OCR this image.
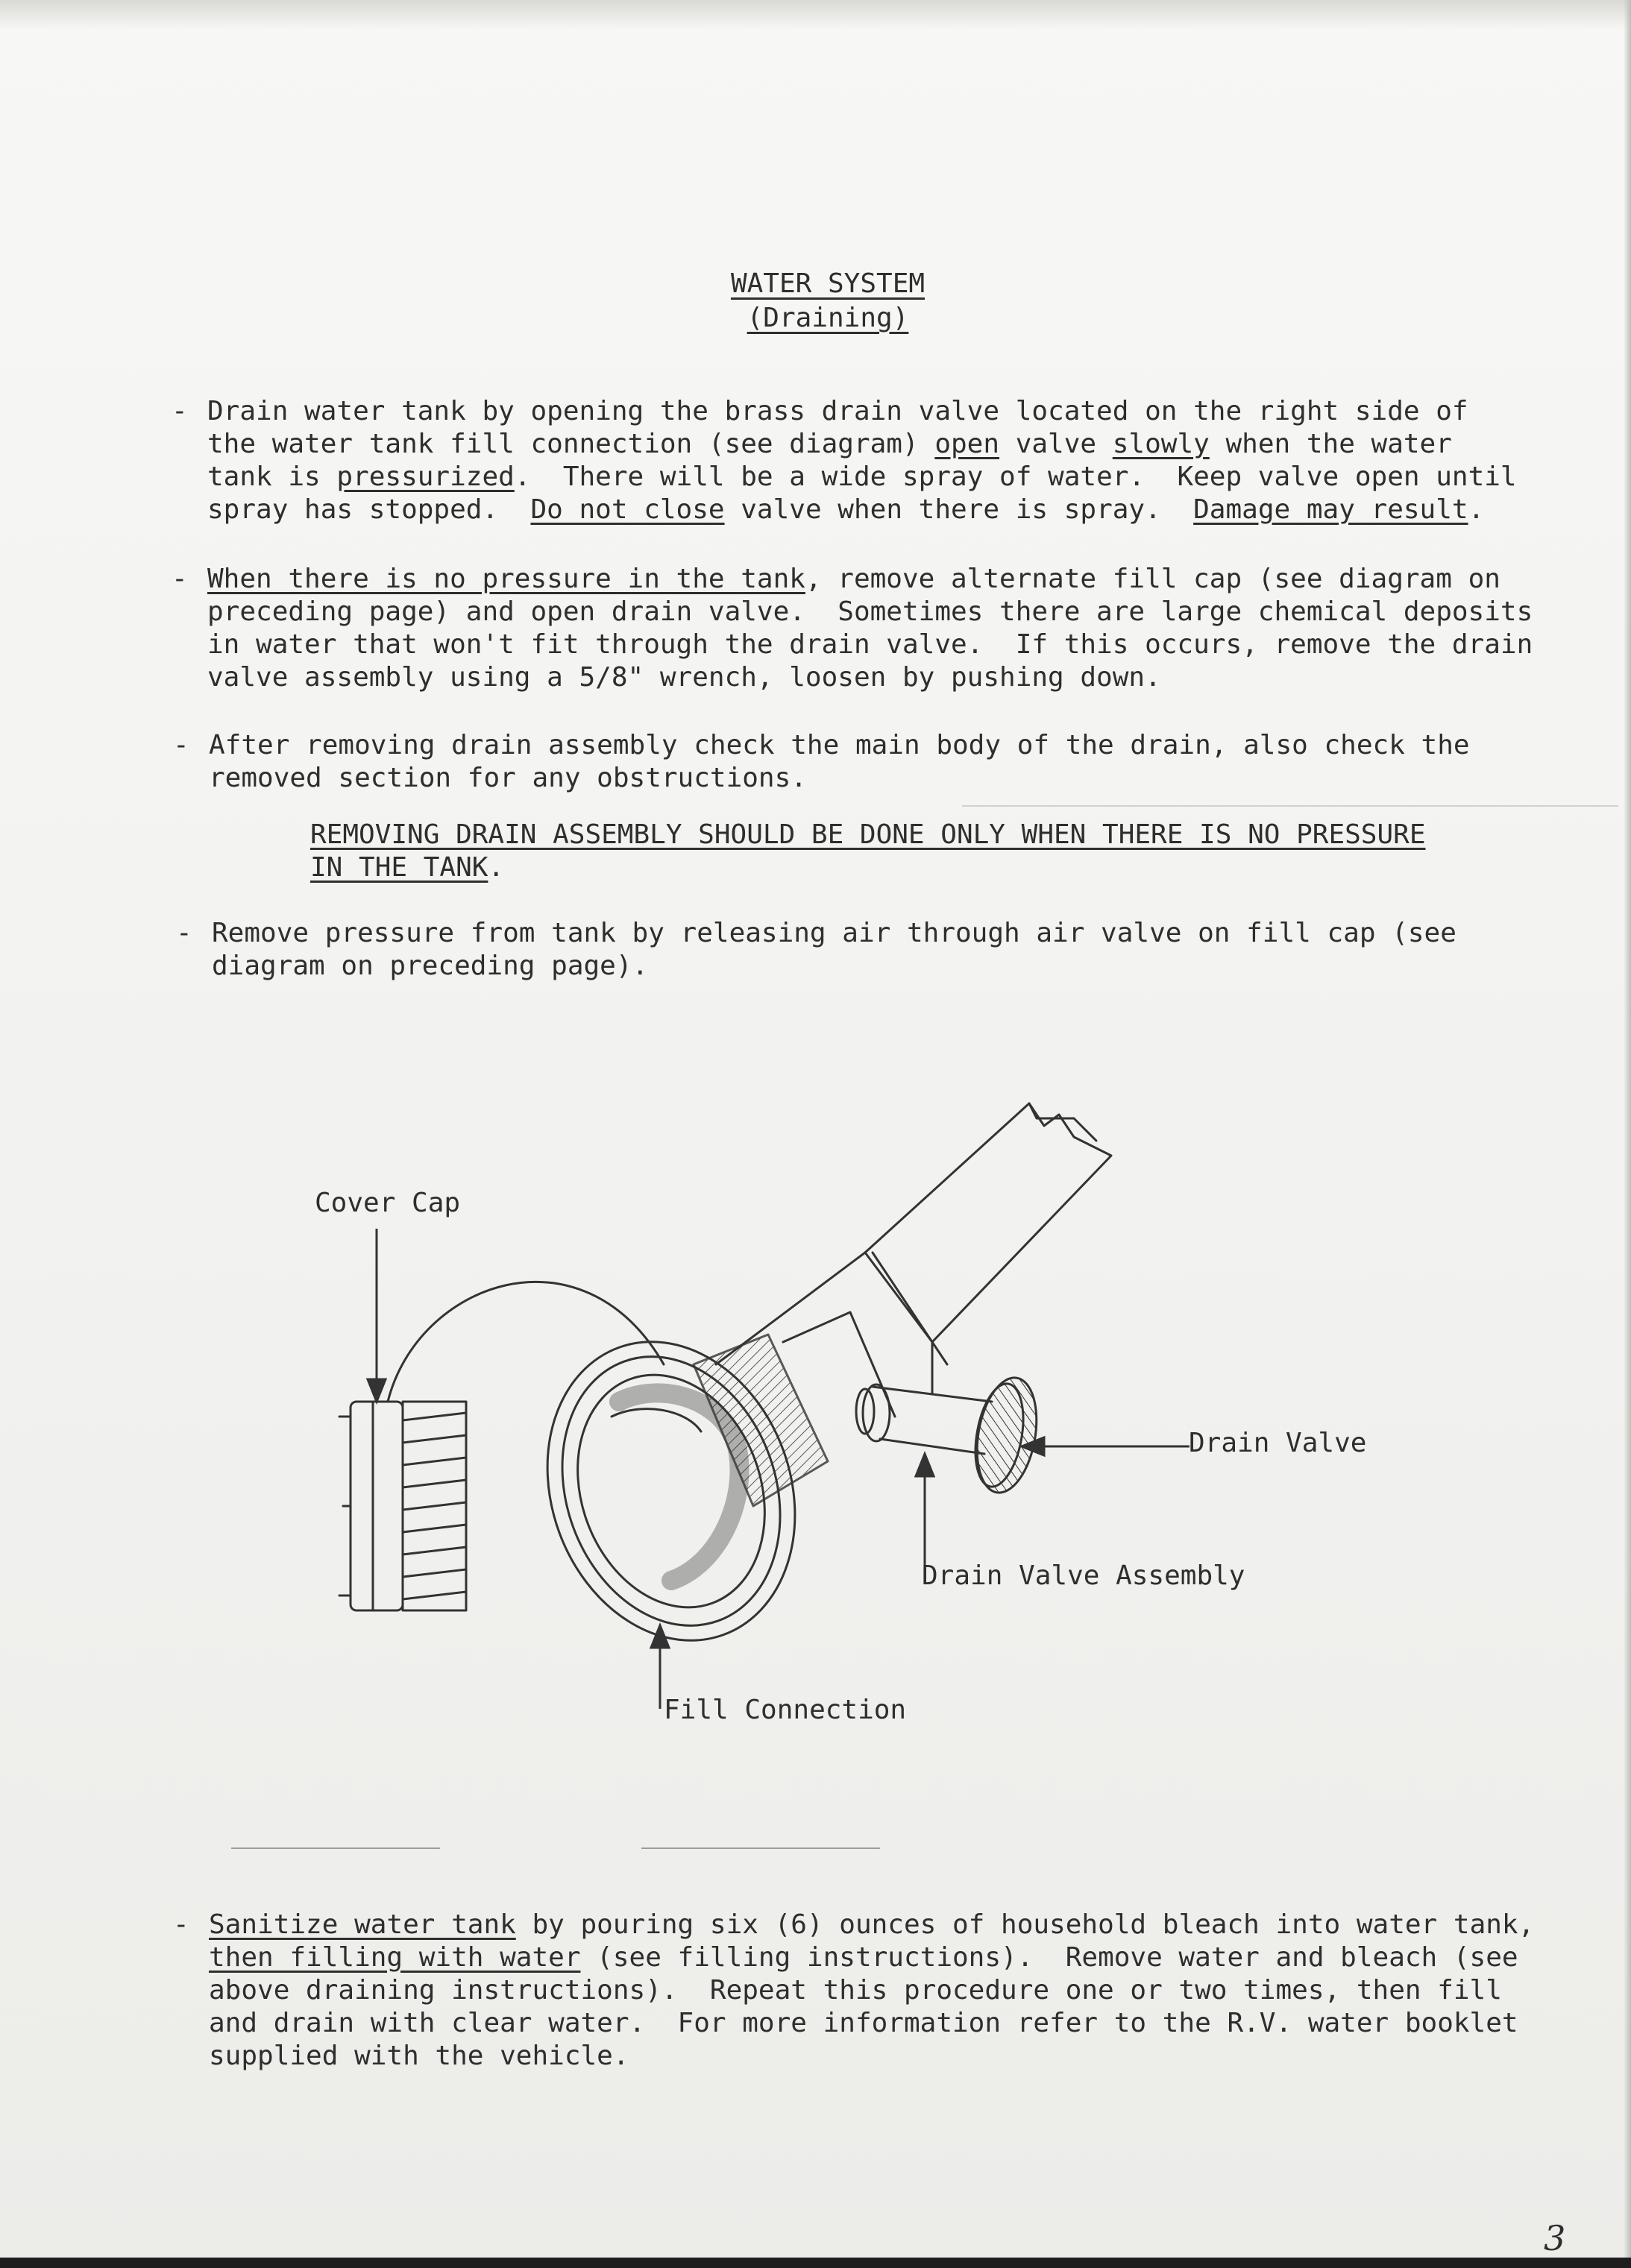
WATER SYSTEM
(Draining)
- Drain water tank by opening the brass drain valve located on the right side of
the water tank fill connection (see diagram) open valve slowly when the water
tank is pressurized.  There will be a wide spray of water.  Keep valve open until
spray has stopped.  Do not close valve when there is spray.  Damage may result.
- When there is no pressure in the tank, remove alternate fill cap (see diagram on
preceding page) and open drain valve.  Sometimes there are large chemical deposits
in water that won't fit through the drain valve.  If this occurs, remove the drain
valve assembly using a 5/8" wrench, loosen by pushing down.
- After removing drain assembly check the main body of the drain, also check the
removed section for any obstructions.
REMOVING DRAIN ASSEMBLY SHOULD BE DONE ONLY WHEN THERE IS NO PRESSURE
IN THE TANK.
- Remove pressure from tank by releasing air through air valve on fill cap (see
diagram on preceding page).
Cover Cap
Drain Valve
Drain Valve Assembly
Fill Connection
- Sanitize water tank by pouring six (6) ounces of household bleach into water tank,
then filling with water (see filling instructions).  Remove water and bleach (see
above draining instructions).  Repeat this procedure one or two times, then fill
and drain with clear water.  For more information refer to the R.V. water booklet
supplied with the vehicle.
3
